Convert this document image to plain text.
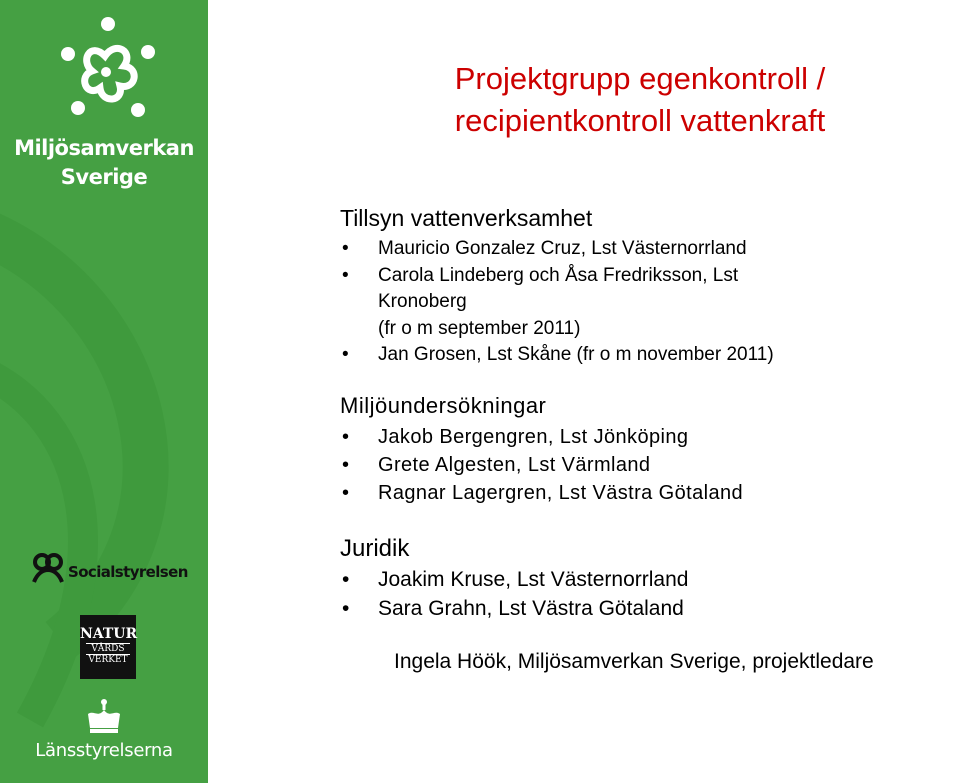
Miljösamverkan
Sverige
Socialstyrelsen
NATUR
VÅRDS
VERKET
Länsstyrelserna
Projektgrupp egenkontroll /
recipientkontroll vattenkraft
Tillsyn vattenverksamhet
• Mauricio Gonzalez Cruz, Lst Västernorrland
• Carola Lindeberg och Åsa Fredriksson, Lst
Kronoberg
(fr o m september 2011)
• Jan Grosen, Lst Skåne (fr o m november 2011)
Miljöundersökningar
• Jakob Bergengren, Lst Jönköping
• Grete Algesten, Lst Värmland
• Ragnar Lagergren, Lst Västra Götaland
Juridik
• Joakim Kruse, Lst Västernorrland
• Sara Grahn, Lst Västra Götaland

Ingela Höök, Miljösamverkan Sverige, projektledare
